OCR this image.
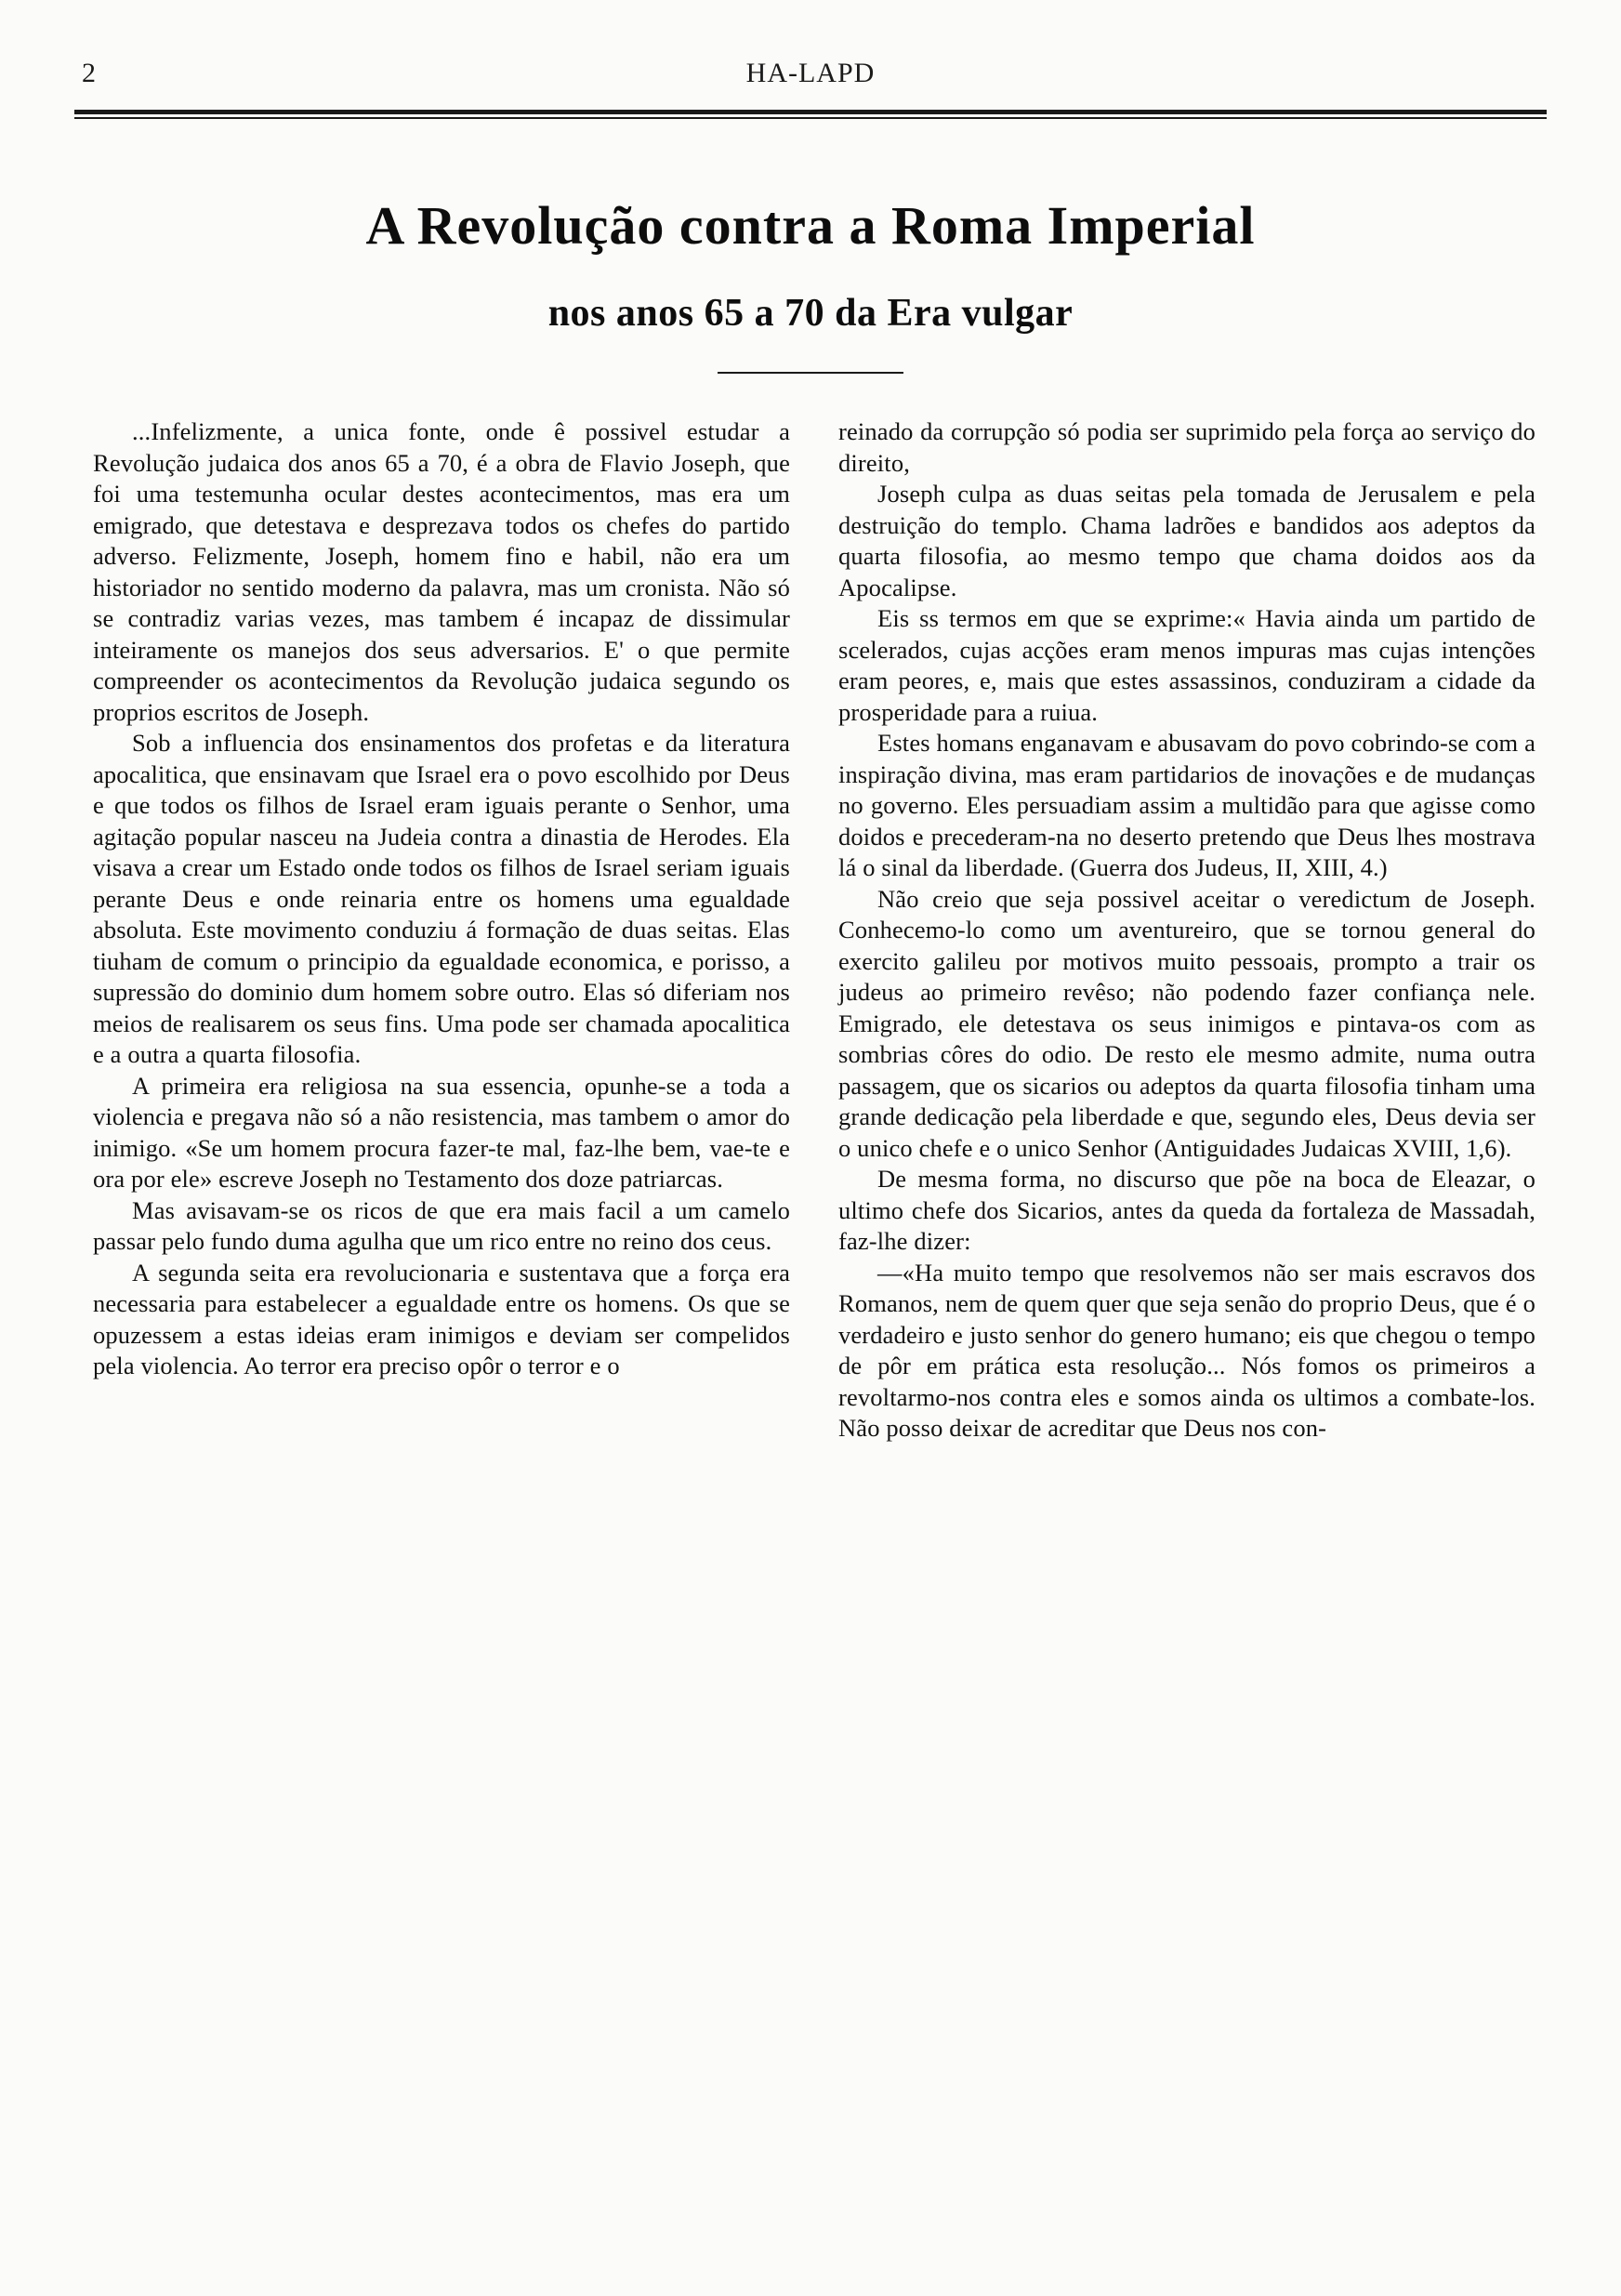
2	HA-LAPD
A Revolução contra a Roma Imperial
nos anos 65 a 70 da Era vulgar

...Infelizmente, a unica fonte, onde ê possivel estudar a Revolução judaica dos anos 65 a 70, é a obra de Flavio Joseph, que foi uma testemunha ocular destes acontecimentos, mas era um emigrado, que detestava e desprezava todos os chefes do partido adverso. Felizmente, Joseph, homem fino e habil, não era um historiador no sentido moderno da palavra, mas um cronista. Não só se contradiz varias vezes, mas tambem é incapaz de dissimular inteiramente os manejos dos seus adversarios. E' o que permite compreender os acontecimentos da Revolução judaica segundo os proprios escritos de Joseph.

Sob a influencia dos ensinamentos dos profetas e da literatura apocalitica, que ensinavam que Israel era o povo escolhido por Deus e que todos os filhos de Israel eram iguais perante o Senhor, uma agitação popular nasceu na Judeia contra a dinastia de Herodes. Ela visava a crear um Estado onde todos os filhos de Israel seriam iguais perante Deus e onde reinaria entre os homens uma egualdade absoluta. Este movimento conduziu á formação de duas seitas. Elas tiuham de comum o principio da egualdade economica, e porisso, a supressão do dominio dum homem sobre outro. Elas só diferiam nos meios de realisarem os seus fins. Uma pode ser chamada apocalitica e a outra a quarta filosofia.

A primeira era religiosa na sua essencia, opunhe-se a toda a violencia e pregava não só a não resistencia, mas tambem o amor do inimigo. «Se um homem procura fazer-te mal, faz-lhe bem, vae-te e ora por ele» escreve Joseph no Testamento dos doze patriarcas.

Mas avisavam-se os ricos de que era mais facil a um camelo passar pelo fundo duma agulha que um rico entre no reino dos ceus.

A segunda seita era revolucionaria e sustentava que a força era necessaria para estabelecer a egualdade entre os homens. Os que se opuzessem a estas ideias eram inimigos e deviam ser compelidos pela violencia. Ao terror era preciso opôr o terror e o

reinado da corrupção só podia ser suprimido pela força ao serviço do direito,

Joseph culpa as duas seitas pela tomada de Jerusalem e pela destruição do templo. Chama ladrões e bandidos aos adeptos da quarta filosofia, ao mesmo tempo que chama doidos aos da Apocalipse.

Eis ss termos em que se exprime:« Havia ainda um partido de scelerados, cujas acções eram menos impuras mas cujas intenções eram peores, e, mais que estes assassinos, conduziram a cidade da prosperidade para a ruiua.

Estes homans enganavam e abusavam do povo cobrindo-se com a inspiração divina, mas eram partidarios de inovações e de mudanças no governo. Eles persuadiam assim a multidão para que agisse como doidos e precederam-na no deserto pretendo que Deus lhes mostrava lá o sinal da liberdade. (Guerra dos Judeus, II, XIII, 4.)

Não creio que seja possivel aceitar o veredictum de Joseph. Conhecemo-lo como um aventureiro, que se tornou general do exercito galileu por motivos muito pessoais, prompto a trair os judeus ao primeiro revêso; não podendo fazer confiança nele. Emigrado, ele detestava os seus inimigos e pintava-os com as sombrias côres do odio. De resto ele mesmo admite, numa outra passagem, que os sicarios ou adeptos da quarta filosofia tinham uma grande dedicação pela liberdade e que, segundo eles, Deus devia ser o unico chefe e o unico Senhor (Antiguidades Judaicas XVIII, 1,6).

De mesma forma, no discurso que põe na boca de Eleazar, o ultimo chefe dos Sicarios, antes da queda da fortaleza de Massadah, faz-lhe dizer:

—«Ha muito tempo que resolvemos não ser mais escravos dos Romanos, nem de quem quer que seja senão do proprio Deus, que é o verdadeiro e justo senhor do genero humano; eis que chegou o tempo de pôr em prática esta resolução... Nós fomos os primeiros a revoltarmo-nos contra eles e somos ainda os ultimos a combate-los. Não posso deixar de acreditar que Deus nos con-
